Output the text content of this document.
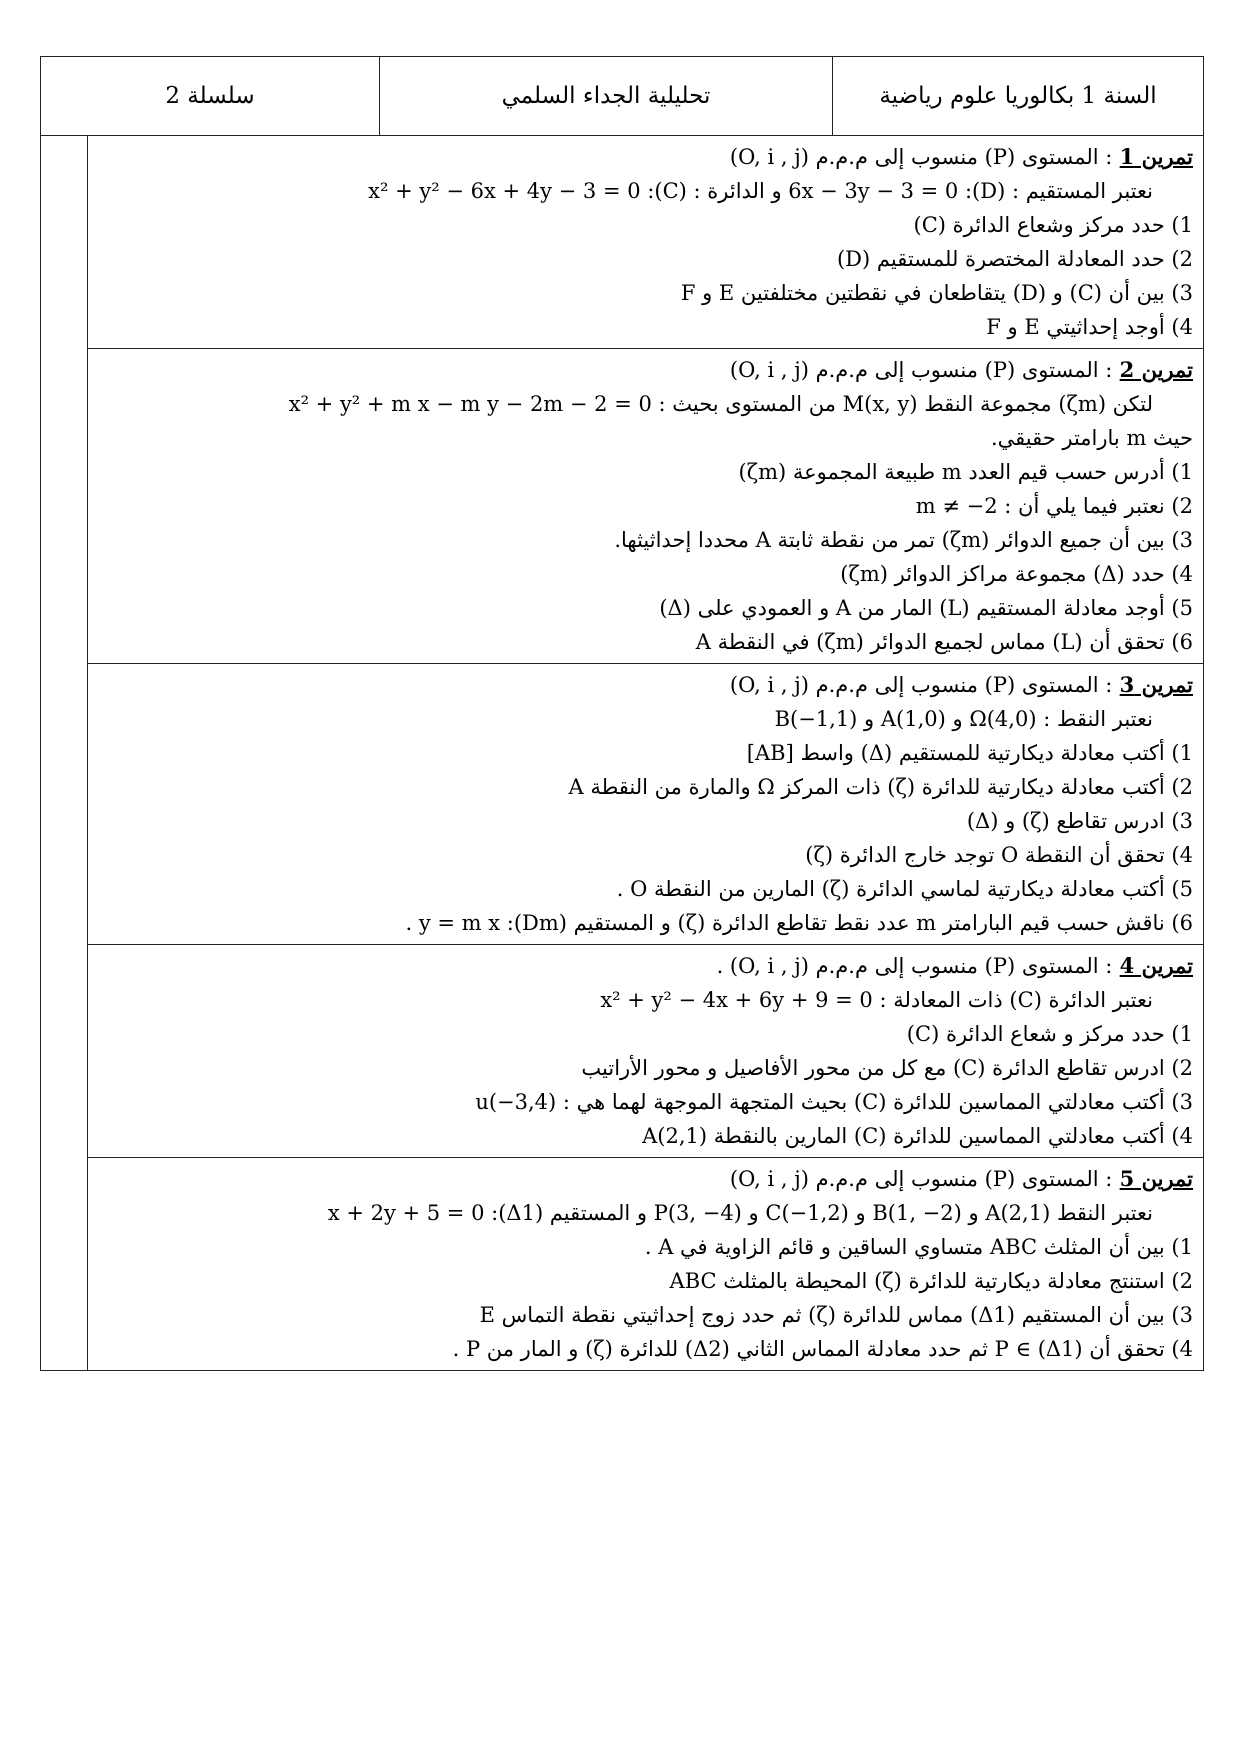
السنة 1 بكالوريا علوم رياضية
تحليلية الجداء السلمي
سلسلة 2
تمرين 1 : المستوى (P) منسوب إلى م.م.م (O, i , j)
نعتبر المستقيم : (D): 6x − 3y − 3 = 0 و الدائرة : (C): x² + y² − 6x + 4y − 3 = 0
1) حدد مركز وشعاع الدائرة (C)
2) حدد المعادلة المختصرة للمستقيم (D)
3) بين أن (C) و (D) يتقاطعان في نقطتين مختلفتين E و F
4) أوجد إحداثيتي E و F
تمرين 2 : المستوى (P) منسوب إلى م.م.م (O, i , j)
لتكن (ζm) مجموعة النقط M(x, y) من المستوى بحيث : x² + y² + m x − m y − 2m − 2 = 0
حيث m بارامتر حقيقي.
1) أدرس حسب قيم العدد m طبيعة المجموعة (ζm)
2) نعتبر فيما يلي أن : m ≠ −2
3) بين أن جميع الدوائر (ζm) تمر من نقطة ثابتة A محددا إحداثيثها.
4) حدد (Δ) مجموعة مراكز الدوائر (ζm)
5) أوجد معادلة المستقيم (L) المار من A و العمودي على (Δ)
6) تحقق أن (L) مماس لجميع الدوائر (ζm) في النقطة A
تمرين 3 : المستوى (P) منسوب إلى م.م.م (O, i , j)
نعتبر النقط : Ω(4,0) و A(1,0) و B(−1,1)
1) أكتب معادلة ديكارتية للمستقيم (Δ) واسط [AB]
2) أكتب معادلة ديكارتية للدائرة (ζ) ذات المركز Ω والمارة من النقطة A
3) ادرس تقاطع (ζ) و (Δ)
4) تحقق أن النقطة O توجد خارج الدائرة (ζ)
5) أكتب معادلة ديكارتية لماسي الدائرة (ζ) المارين من النقطة O .
6) ناقش حسب قيم البارامتر m عدد نقط تقاطع الدائرة (ζ) و المستقيم (Dm): y = m x .
تمرين 4 : المستوى (P) منسوب إلى م.م.م (O, i , j) .
نعتبر الدائرة (C) ذات المعادلة : x² + y² − 4x + 6y + 9 = 0
1) حدد مركز و شعاع الدائرة (C)
2) ادرس تقاطع الدائرة (C) مع كل من محور الأفاصيل و محور الأراتيب
3) أكتب معادلتي المماسين للدائرة (C) بحيث المتجهة الموجهة لهما هي : u(−3,4)
4) أكتب معادلتي المماسين للدائرة (C) المارين بالنقطة A(2,1)
تمرين 5 : المستوى (P) منسوب إلى م.م.م (O, i , j)
نعتبر النقط A(2,1) و B(1, −2) و C(−1,2) و P(3, −4) و المستقيم (Δ1): x + 2y + 5 = 0
1) بين أن المثلث ABC متساوي الساقين و قائم الزاوية في A .
2) استنتج معادلة ديكارتية للدائرة (ζ) المحيطة بالمثلث ABC
3) بين أن المستقيم (Δ1) مماس للدائرة (ζ) ثم حدد زوج إحداثيتي نقطة التماس E
4) تحقق أن P ∈ (Δ1) ثم حدد معادلة المماس الثاني (Δ2) للدائرة (ζ) و المار من P .
